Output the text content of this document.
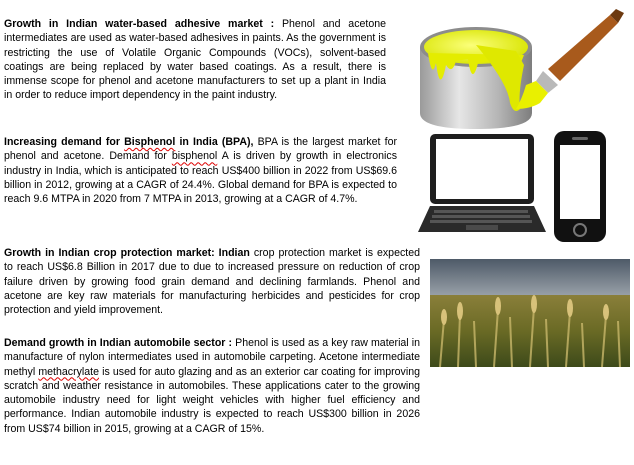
Growth in Indian water-based adhesive market : Phenol and acetone intermediates are used as water-based adhesives in paints. As the government is restricting the use of Volatile Organic Compounds (VOCs), solvent-based coatings are being replaced by water based coatings. As a result, there is immense scope for phenol and acetone manufacturers to set up a plant in India in order to reduce import dependency in the paint industry.
Increasing demand for Bisphenol in India (BPA), BPA is the largest market for phenol and acetone. Demand for bisphenol A is driven by growth in electronics industry in India, which is anticipated to reach US$400 billion in 2022 from US$69.6 billion in 2012, growing at a CAGR of 24.4%. Global demand for BPA is expected to reach 9.6 MTPA in 2020 from 7 MTPA in 2013, growing at a CAGR of 4.7%.
Growth in Indian crop protection market: Indian crop protection market is expected to reach US$6.8 Billion in 2017 due to due to increased pressure on reduction of crop failure driven by growing food grain demand and declining farmlands. Phenol and acetone are key raw materials for manufacturing herbicides and pesticides for crop protection and yield improvement.
Demand growth in Indian automobile sector : Phenol is used as a key raw material in manufacture of nylon intermediates used in automobile carpeting. Acetone intermediate methyl methacrylate is used for auto glazing and as an exterior car coating for improving scratch and weather resistance in automobiles. These applications cater to the growing automobile industry need for light weight vehicles with higher fuel efficiency and performance. Indian automobile industry is expected to reach US$300 billion in 2026 from US$74 billion in 2015, growing at a CAGR of 15%.
